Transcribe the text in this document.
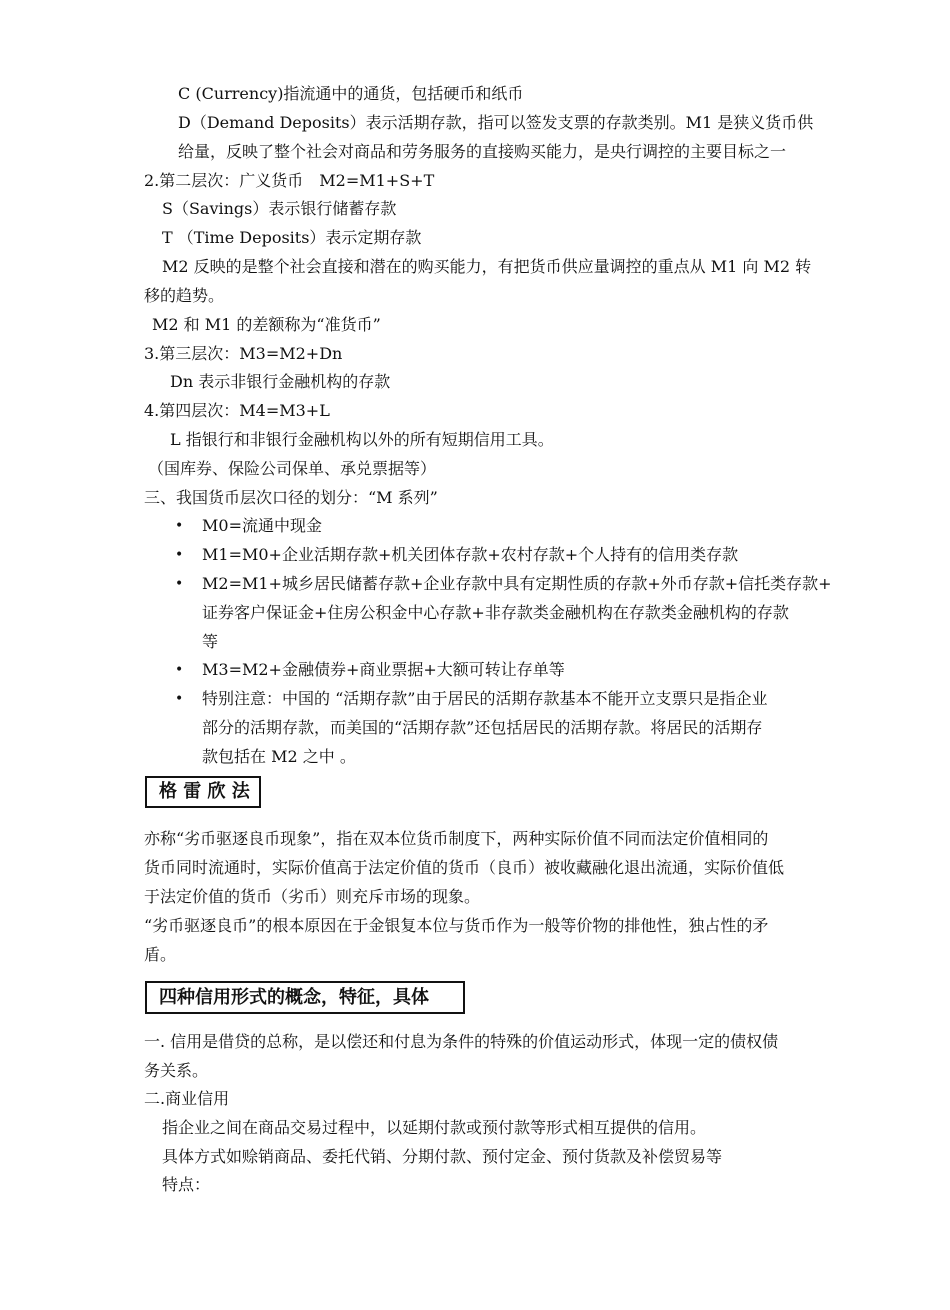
C (Currency)指流通中的通货，包括硬币和纸币
D（Demand Deposits）表示活期存款，指可以签发支票的存款类别。M1 是狭义货币供
给量，反映了整个社会对商品和劳务服务的直接购买能力，是央行调控的主要目标之一
2.第二层次：广义货币　M2=M1+S+T
S（Savings）表示银行储蓄存款
T （Time Deposits）表示定期存款
M2 反映的是整个社会直接和潜在的购买能力，有把货币供应量调控的重点从 M1 向 M2 转
移的趋势。
M2 和 M1 的差额称为“准货币”
3.第三层次：M3=M2+Dn
Dn 表示非银行金融机构的存款
4.第四层次：M4=M3+L
L 指银行和非银行金融机构以外的所有短期信用工具。
（国库券、保险公司保单、承兑票据等）
三、我国货币层次口径的划分：“M 系列”
• M0=流通中现金
• M1=M0+企业活期存款+机关团体存款+农村存款+个人持有的信用类存款
• M2=M1+城乡居民储蓄存款+企业存款中具有定期性质的存款+外币存款+信托类存款+
证券客户保证金+住房公积金中心存款+非存款类金融机构在存款类金融机构的存款
等
• M3=M2+金融债券+商业票据+大额可转让存单等
• 特别注意：中国的 “活期存款”由于居民的活期存款基本不能开立支票只是指企业
部分的活期存款，而美国的“活期存款”还包括居民的活期存款。将居民的活期存
款包括在 M2 之中 。
格 雷 欣 法
亦称“劣币驱逐良币现象”，指在双本位货币制度下，两种实际价值不同而法定价值相同的
货币同时流通时，实际价值高于法定价值的货币（良币）被收藏融化退出流通，实际价值低
于法定价值的货币（劣币）则充斥市场的现象。
“劣币驱逐良币”的根本原因在于金银复本位与货币作为一般等价物的排他性，独占性的矛
盾。
四种信用形式的概念，特征，具体
一. 信用是借贷的总称，是以偿还和付息为条件的特殊的价值运动形式，体现一定的债权债
务关系。
二.商业信用
指企业之间在商品交易过程中，以延期付款或预付款等形式相互提供的信用。
具体方式如赊销商品、委托代销、分期付款、预付定金、预付货款及补偿贸易等
特点：
